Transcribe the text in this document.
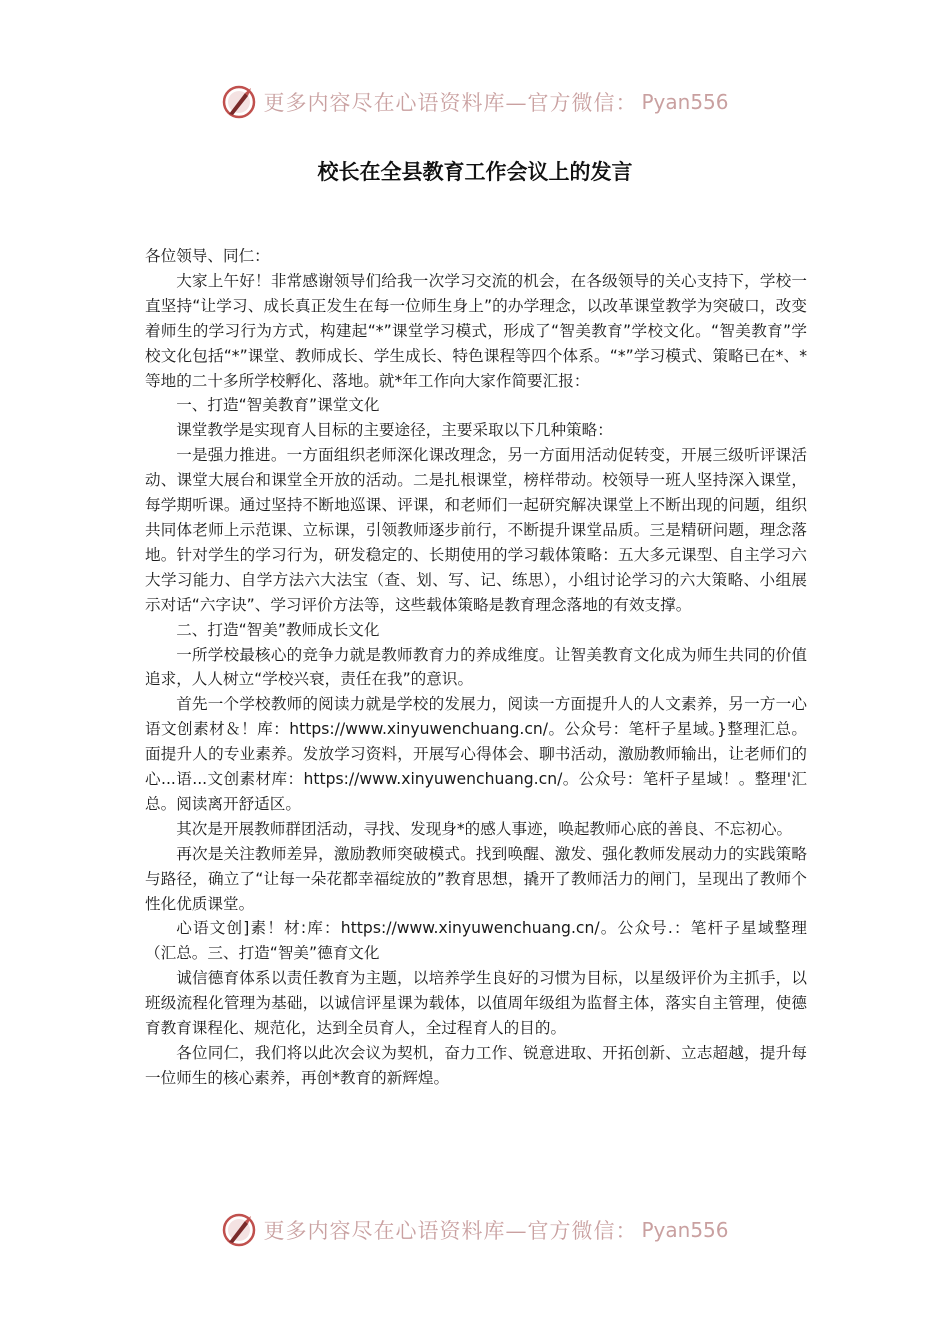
更多内容尽在心语资料库—官方微信： Pyan556
校长在全县教育工作会议上的发言

各位领导、同仁：

大家上午好！非常感谢领导们给我一次学习交流的机会，在各级领导的关心支持下，学校一直坚持“让学习、成长真正发生在每一位师生身上”的办学理念，以改革课堂教学为突破口，改变着师生的学习行为方式，构建起“*”课堂学习模式，形成了“智美教育”学校文化。“智美教育”学校文化包括“*”课堂、教师成长、学生成长、特色课程等四个体系。“*”学习模式、策略已在*、*等地的二十多所学校孵化、落地。就*年工作向大家作简要汇报：

一、打造“智美教育”课堂文化

课堂教学是实现育人目标的主要途径，主要采取以下几种策略：

一是强力推进。一方面组织老师深化课改理念，另一方面用活动促转变，开展三级听评课活动、课堂大展台和课堂全开放的活动。二是扎根课堂，榜样带动。校领导一班人坚持深入课堂，每学期听课。通过坚持不断地巡课、评课，和老师们一起研究解决课堂上不断出现的问题，组织共同体老师上示范课、立标课，引领教师逐步前行，不断提升课堂品质。三是精研问题，理念落地。针对学生的学习行为，研发稳定的、长期使用的学习载体策略：五大多元课型、自主学习六大学习能力、自学方法六大法宝（查、划、写、记、练思），小组讨论学习的六大策略、小组展示对话“六字诀”、学习评价方法等，这些载体策略是教育理念落地的有效支撑。

二、打造“智美”教师成长文化

一所学校最核心的竞争力就是教师教育力的养成维度。让智美教育文化成为师生共同的价值追求，人人树立“学校兴衰，责任在我”的意识。

首先一个学校教师的阅读力就是学校的发展力，阅读一方面提升人的人文素养，另一方一心语文创素材＆！库：https://www.xinyuwenchuang.cn/。公众号：笔杆子星域。}整理汇总。面提升人的专业素养。发放学习资料，开展写心得体会、聊书活动，激励教师输出，让老师们的心...语...文创素材库：https://www.xinyuwenchuang.cn/。公众号：笔杆子星域！。整理'汇总。阅读离开舒适区。

其次是开展教师群团活动，寻找、发现身*的感人事迹，唤起教师心底的善良、不忘初心。

再次是关注教师差异，激励教师突破模式。找到唤醒、激发、强化教师发展动力的实践策略与路径，确立了“让每一朵花都幸福绽放的”教育思想，撬开了教师活力的闸门，呈现出了教师个性化优质课堂。

心语文创]素！材:库：https://www.xinyuwenchuang.cn/。公众号.：笔杆子星域整理（汇总。三、打造“智美”德育文化

诚信德育体系以责任教育为主题，以培养学生良好的习惯为目标，以星级评价为主抓手，以班级流程化管理为基础，以诚信评星课为载体，以值周年级组为监督主体，落实自主管理，使德育教育课程化、规范化，达到全员育人，全过程育人的目的。

各位同仁，我们将以此次会议为契机，奋力工作、锐意进取、开拓创新、立志超越，提升每一位师生的核心素养，再创*教育的新辉煌。

更多内容尽在心语资料库—官方微信： Pyan556
